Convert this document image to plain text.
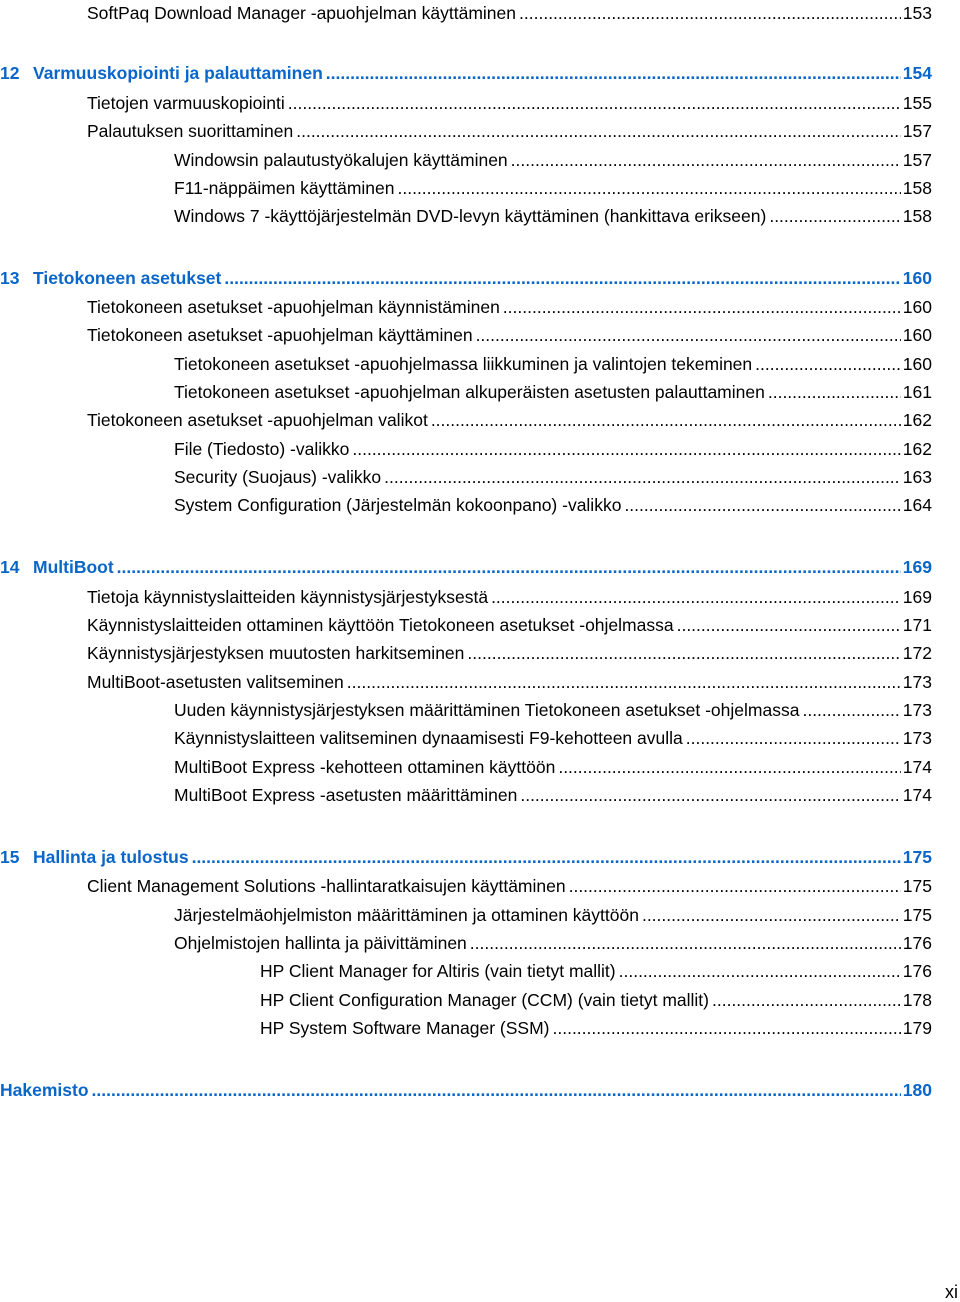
SoftPaq Download Manager -apuohjelman käyttäminen .....	153
12 Varmuuskopiointi ja palauttaminen .....	154
Tietojen varmuuskopiointi .....	155
Palautuksen suorittaminen .....	157
Windowsin palautustyökalujen käyttäminen .....	157
F11-näppäimen käyttäminen .....	158
Windows 7 -käyttöjärjestelmän DVD-levyn käyttäminen (hankittava erikseen) .....	158
13 Tietokoneen asetukset .....	160
Tietokoneen asetukset -apuohjelman käynnistäminen .....	160
Tietokoneen asetukset -apuohjelman käyttäminen .....	160
Tietokoneen asetukset -apuohjelmassa liikkuminen ja valintojen tekeminen .....	160
Tietokoneen asetukset -apuohjelman alkuperäisten asetusten palauttaminen .....	161
Tietokoneen asetukset -apuohjelman valikot .....	162
File (Tiedosto) -valikko .....	162
Security (Suojaus) -valikko .....	163
System Configuration (Järjestelmän kokoonpano) -valikko .....	164
14 MultiBoot .....	169
Tietoja käynnistyslaitteiden käynnistysjärjestyksestä .....	169
Käynnistyslaitteiden ottaminen käyttöön Tietokoneen asetukset -ohjelmassa .....	171
Käynnistysjärjestyksen muutosten harkitseminen .....	172
MultiBoot-asetusten valitseminen .....	173
Uuden käynnistysjärjestyksen määrittäminen Tietokoneen asetukset -ohjelmassa .....	173
Käynnistyslaitteen valitseminen dynaamisesti F9-kehotteen avulla .....	173
MultiBoot Express -kehotteen ottaminen käyttöön .....	174
MultiBoot Express -asetusten määrittäminen .....	174
15 Hallinta ja tulostus .....	175
Client Management Solutions -hallintaratkaisujen käyttäminen .....	175
Järjestelmäohjelmiston määrittäminen ja ottaminen käyttöön .....	175
Ohjelmistojen hallinta ja päivittäminen .....	176
HP Client Manager for Altiris (vain tietyt mallit) .....	176
HP Client Configuration Manager (CCM) (vain tietyt mallit) .....	178
HP System Software Manager (SSM) .....	179
Hakemisto .....	180
xi
